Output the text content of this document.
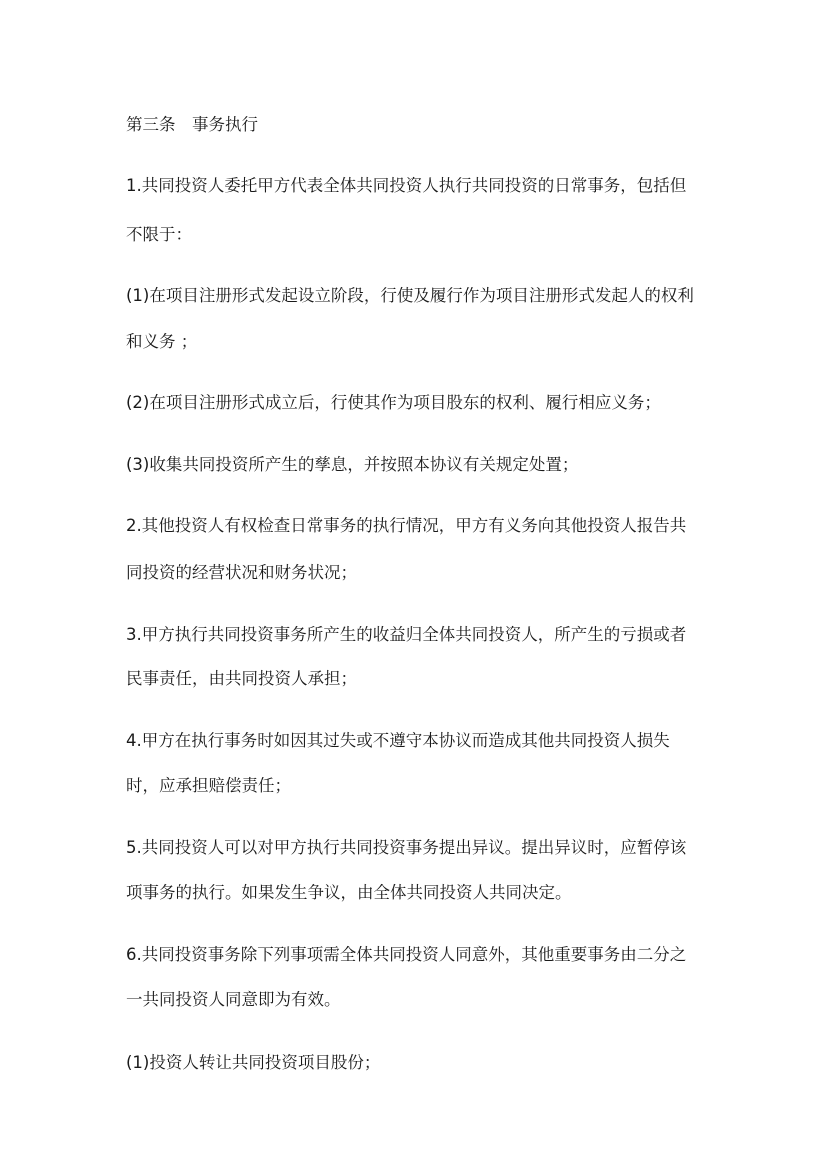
第三条　事务执行
1.共同投资人委托甲方代表全体共同投资人执行共同投资的日常事务，包括但
不限于：
(1)在项目注册形式发起设立阶段，行使及履行作为项目注册形式发起人的权利
和义务 ；
(2)在项目注册形式成立后，行使其作为项目股东的权利、履行相应义务；
(3)收集共同投资所产生的孳息，并按照本协议有关规定处置；
2.其他投资人有权检查日常事务的执行情况，甲方有义务向其他投资人报告共
同投资的经营状况和财务状况；
3.甲方执行共同投资事务所产生的收益归全体共同投资人，所产生的亏损或者
民事责任，由共同投资人承担；
4.甲方在执行事务时如因其过失或不遵守本协议而造成其他共同投资人损失
时，应承担赔偿责任；
5.共同投资人可以对甲方执行共同投资事务提出异议。提出异议时，应暂停该
项事务的执行。如果发生争议，由全体共同投资人共同决定。
6.共同投资事务除下列事项需全体共同投资人同意外，其他重要事务由二分之
一共同投资人同意即为有效。
(1)投资人转让共同投资项目股份；
